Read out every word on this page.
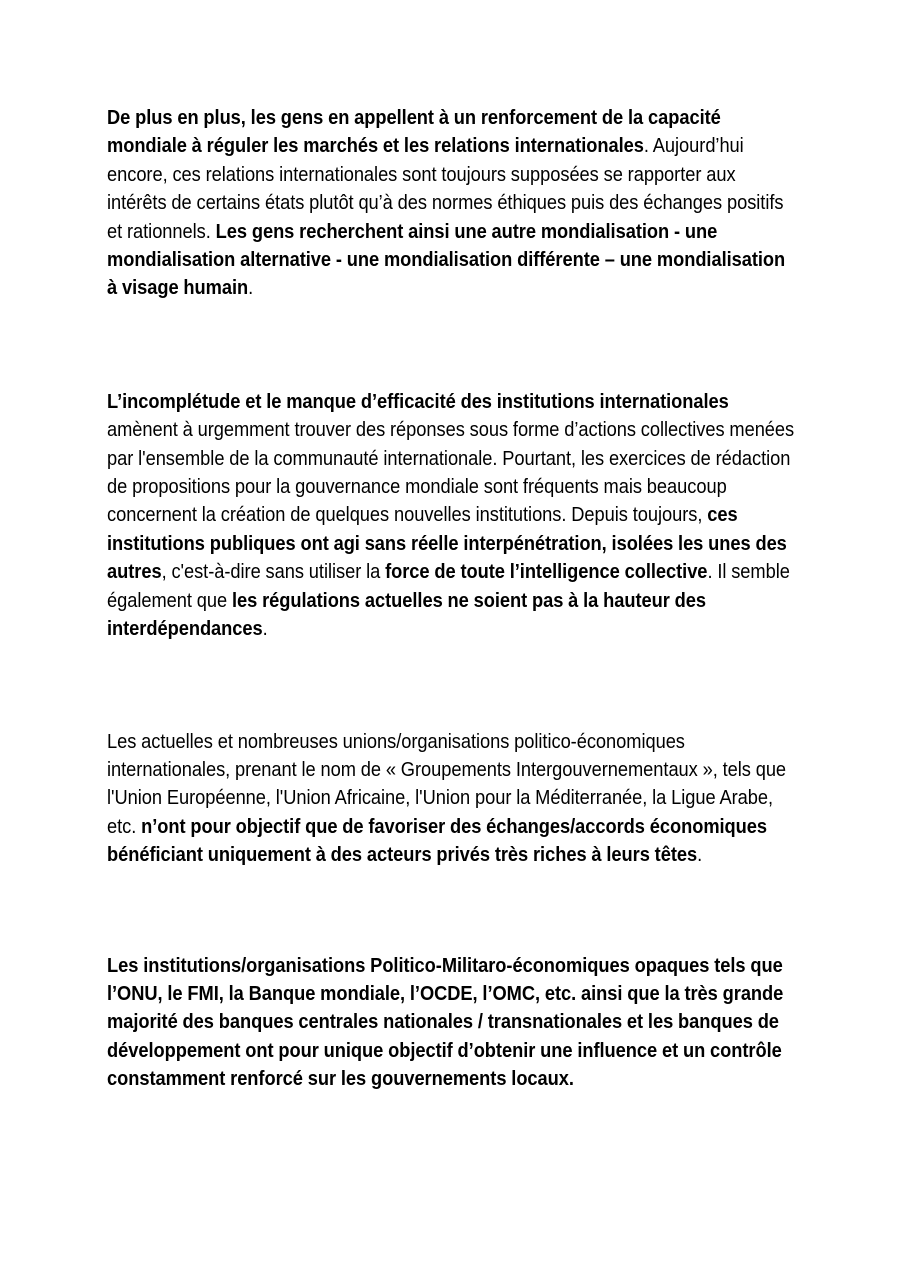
De plus en plus, les gens en appellent à un renforcement de la capacité mondiale à réguler les marchés et les relations internationales. Aujourd’hui encore, ces relations internationales sont toujours supposées se rapporter aux intérêts de certains états plutôt qu’à des normes éthiques puis des échanges positifs et rationnels. Les gens recherchent ainsi une autre mondialisation - une mondialisation alternative - une mondialisation différente – une mondialisation à visage humain.

L’incomplétude et le manque d’efficacité des institutions internationales amènent à urgemment trouver des réponses sous forme d’actions collectives menées par l'ensemble de la communauté internationale. Pourtant, les exercices de rédaction de propositions pour la gouvernance mondiale sont fréquents mais beaucoup concernent la création de quelques nouvelles institutions. Depuis toujours, ces institutions publiques ont agi sans réelle interpénétration, isolées les unes des autres, c'est-à-dire sans utiliser la force de toute l’intelligence collective. Il semble également que les régulations actuelles ne soient pas à la hauteur des interdépendances.

Les actuelles et nombreuses unions/organisations politico-économiques internationales, prenant le nom de « Groupements Intergouvernementaux », tels que l'Union Européenne, l'Union Africaine, l'Union pour la Méditerranée, la Ligue Arabe, etc. n’ont pour objectif que de favoriser des échanges/accords économiques bénéficiant uniquement à des acteurs privés très riches à leurs têtes.

Les institutions/organisations Politico-Militaro-économiques opaques tels que l’ONU, le FMI, la Banque mondiale, l’OCDE, l’OMC, etc. ainsi que la très grande majorité des banques centrales nationales / transnationales et les banques de développement ont pour unique objectif d’obtenir une influence et un contrôle constamment renforcé sur les gouvernements locaux.
